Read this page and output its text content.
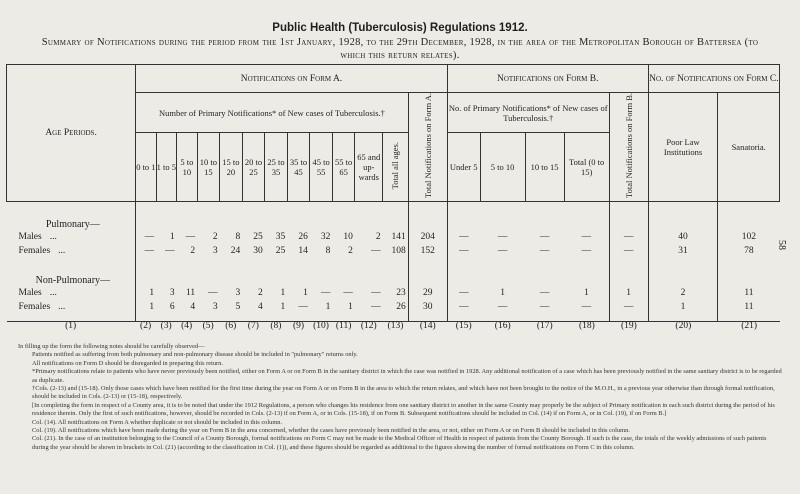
Public Health (Tuberculosis) Regulations 1912.
Summary of Notifications during the period from the 1st January, 1928, to the 29th December, 1928, in the area of the Metropolitan Borough of Battersea (to which this return relates).
Age Periods.	Notifications on Form A.													Notifications on Form B.					No. of Notifications on Form C.	
	Number of Primary Notifications* of New cases of Tuberculosis.†												Total Notifications on Form A.	No. of Primary Notifications* of New cases of Tuberculosis.†				Total Notifications on Form B.	Poor Law Institutions	Sanatoria.
	0 to 1	1 to 5	5 to 10	10 to 15	15 to 20	20 to 25	25 to 35	35 to 45	45 to 55	55 to 65	65 and up- wards	Total all ages.		Under 5	5 to 10	10 to 15	Total (0 to 15)			
Pulmonary—																				
Males ...	—	1	—	2	8	25	35	26	32	10	2	141	204	—	—	—	—	—	40	102
Females ...	—	—	2	3	24	30	25	14	8	2	—	108	152	—	—	—	—	—	31	78
Non-Pulmonary—																				
Males ...	1	3	11	—	3	2	1	1	—	—	—	23	29	—	1	—	1	1	2	11
Females ...	1	6	4	3	5	4	1	—	1	1	—	26	30	—	—	—	—	—	1	11

(1)	(2)	(3)	(4)	(5)	(6)	(7)	(8)	(9)	(10)	(11)	(12)	(13)	(14)	(15)	(16)	(17)	(18)	(19)	(20)	(21)
58

In filling up the form the following notes should be carefully observed—

Patients notified as suffering from both pulmonary and non-pulmonary disease should be included in "pulmonary" returns only.

All notifications on Form D should be disregarded in preparing this return.

*Primary notifications relate to patients who have never previously been notified, either on Form A or on Form B in the sanitary district in which the case was notified in 1928. Any additional notification of a case which has been previously notified in the same sanitary district is to be regarded as duplicate.

†Cols. (2-13) and (15-18). Only those cases which have been notified for the first time during the year on Form A or on Form B in the area to which the return relates, and which have not been brought to the notice of the M.O.H., in a previous year otherwise than through formal notification, should be included in Cols. (2-13) or (15-18), respectively.

[In completing the form in respect of a County area, it is to be noted that under the 1912 Regulations, a person who changes his residence from one sanitary district to another in the same County may properly be the subject of Primary notification in each such district during the period of his residence therein. Only the first of such notifications, however, should be recorded in Cols. (2-13) if on Form A, or in Cols. (15-18), if on Form B. Subsequent notifications should be included in Col. (14) if on Form A, or in Col. (19), if on Form B.]

Col. (14). All notifications on Form A whether duplicate or not should be included in this column.

Col. (19). All notifications which have been made during the year on Form B in the area concerned, whether the cases have previously been notified in the area, or not, either on Form A or on Form B should be included in this column.

Col. (21). In the case of an institution belonging to the Council of a County Borough, formal notifications on Form C may not be made to the Medical Officer of Health in respect of patients from the County Borough. If such is the case, the totals of the weekly admissions of such patients during the year should be shown in brackets in Col. (21) (according to the classification in Col. (1)), and these figures should be regarded as additional to the figures showing the number of formal notifications on Form C in this column.
